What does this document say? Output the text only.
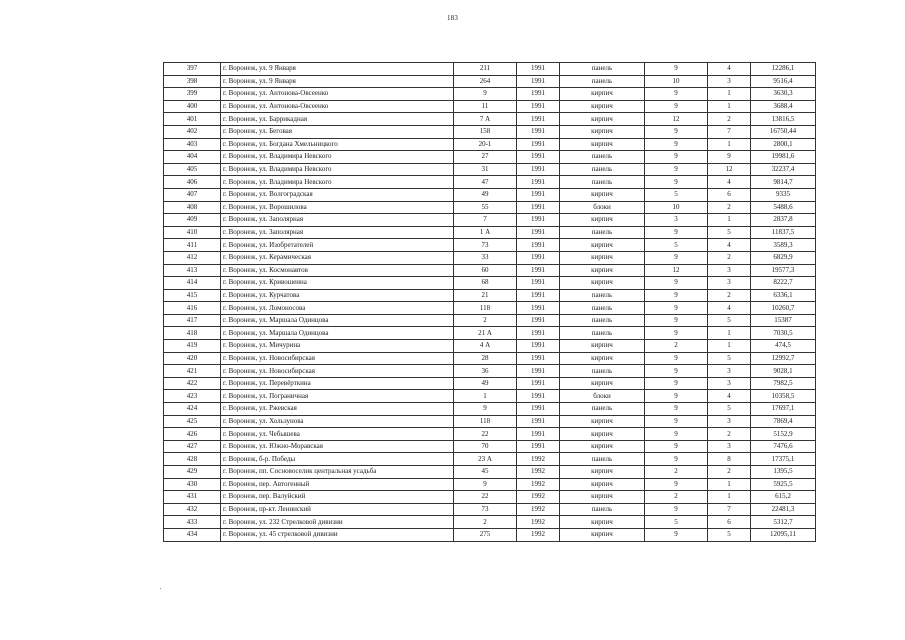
183
397	г. Воронеж, ул. 9 Января	211	1991	панель	9	4	12286,1
398	г. Воронеж, ул. 9 Января	264	1991	панель	10	3	9516,4
399	г. Воронеж, ул. Антонова-Овсеенко	9	1991	кирпич	9	1	3630,3
400	г. Воронеж, ул. Антонова-Овсеенко	11	1991	кирпич	9	1	3688,4
401	г. Воронеж, ул. Баррикадная	7 А	1991	кирпич	12	2	13816,5
402	г. Воронеж, ул. Беговая	158	1991	кирпич	9	7	16750,44
403	г. Воронеж, ул. Богдана Хмельницкого	20-1	1991	кирпич	9	1	2800,1
404	г. Воронеж, ул. Владимира Невского	27	1991	панель	9	9	19981,6
405	г. Воронеж, ул. Владимира Невского	31	1991	панель	9	12	32237,4
406	г. Воронеж, ул. Владимира Невского	47	1991	панель	9	4	9814,7
407	г. Воронеж, ул. Волгоградская	49	1991	кирпич	5	6	9335
408	г. Воронеж, ул. Ворошилова	55	1991	блоки	10	2	5488,6
409	г. Воронеж, ул. Заполярная	7	1991	кирпич	3	1	2837,8
410	г. Воронеж, ул. Заполярная	1 А	1991	панель	9	5	11837,5
411	г. Воронеж, ул. Изобретателей	73	1991	кирпич	5	4	3589,3
412	г. Воронеж, ул. Керамическая	33	1991	кирпич	9	2	6829,9
413	г. Воронеж, ул. Космонавтов	60	1991	кирпич	12	3	19577,3
414	г. Воронеж, ул. Кривошеина	68	1991	кирпич	9	3	8222,7
415	г. Воронеж, ул. Курчатова	21	1991	панель	9	2	6336,1
416	г. Воронеж, ул. Ломоносова	118	1991	панель	9	4	10260,7
417	г. Воронеж, ул. Маршала Одинцова	2	1991	панель	9	5	15387
418	г. Воронеж, ул. Маршала Одинцова	21 А	1991	панель	9	1	7030,5
419	г. Воронеж, ул. Мичурина	4 А	1991	кирпич	2	1	474,5
420	г. Воронеж, ул. Новосибирская	28	1991	кирпич	9	5	12992,7
421	г. Воронеж, ул. Новосибирская	36	1991	панель	9	3	9028,1
422	г. Воронеж, ул. Перевёрткина	49	1991	кирпич	9	3	7982,5
423	г. Воронеж, ул. Пограничная	1	1991	блоки	9	4	10358,5
424	г. Воронеж, ул. Ржевская	9	1991	панель	9	5	17697,1
425	г. Воронеж, ул. Хользунова	118	1991	кирпич	9	3	7869,4
426	г. Воронеж, ул. Чебышева	22	1991	кирпич	9	2	5152,9
427	г. Воронеж, ул. Южно-Моравская	70	1991	кирпич	9	3	7476,6
428	г. Воронеж, б-р. Победы	23 А	1992	панель	9	8	17375,1
429	г. Воронеж, пп. Сосновоселик центральная усадьба	45	1992	кирпич	2	2	1395,5
430	г. Воронеж, пер. Автогенный	9	1992	кирпич	9	1	5925,5
431	г. Воронеж, пер. Валуйский	22	1992	кирпич	2	1	615,2
432	г. Воронеж, пр-кт. Ленинский	73	1992	панель	9	7	22481,3
433	г. Воронеж, ул. 232 Стрелковой дивизии	2	1992	кирпич	5	6	5312,7
434	г. Воронеж, ул. 45 стрелковой дивизии	275	1992	кирпич	9	5	12095,11
